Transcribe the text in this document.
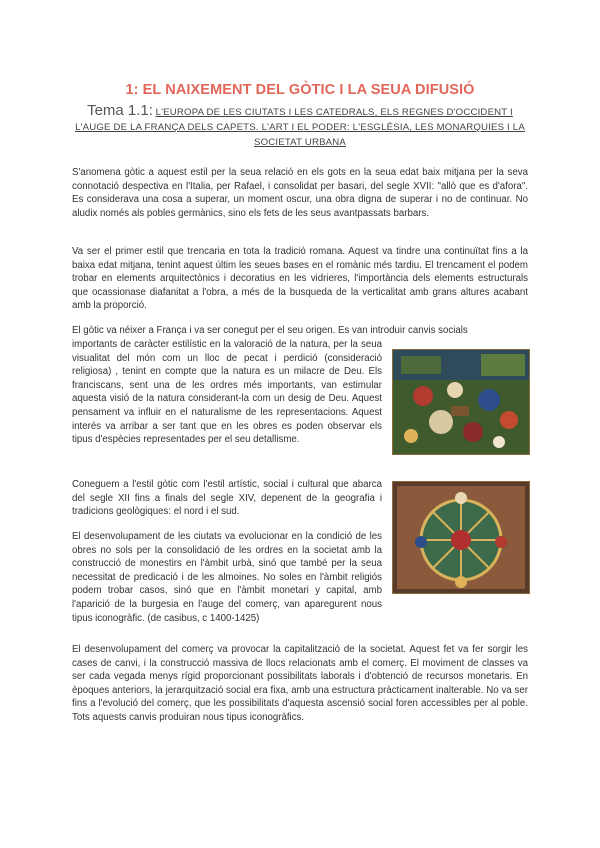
1: EL NAIXEMENT DEL GÒTIC I LA SEUA DIFUSIÓ
Tema 1.1: L'EUROPA DE LES CIUTATS I LES CATEDRALS, ELS REGNES D'OCCIDENT I L'AUGE DE LA FRANÇA DELS CAPETS. L'ART I EL PODER: L'ESGLÉSIA, LES MONARQUIES I LA SOCIETAT URBANA

S'anomena gòtic a aquest estil per la seua relació en els gots en la seua edat baix mitjana per la seva connotació despectiva en l'Italia, per Rafael, i consolidat per basari, del segle XVII: "allò que es d'afora". Es considerava una cosa a superar, un moment oscur, una obra digna de superar i no de continuar. No aludix només als pobles germànics, sino els fets de les seus avantpassats barbars.

Va ser el primer estil que trencaria en tota la tradició romana. Aquest va tindre una continuïtat fins a la baixa edat mitjana, tenint aquest últim les seues bases en el romànic més tardiu. El trencament el podem trobar en elements arquitectònics i decoratius en les vidrieres, l'importància dels elements estructurals que ocassionase diafanitat a l'obra, a més de la busqueda de la verticalitat amb grans altures acabant amb la proporció.

El gòtic va néixer a França i va ser conegut per el seu origen. Es van introduir canvis socials

importants de caràcter estilístic en la valoració de la natura, per la seua visualitat del món com un lloc de pecat i perdició (consideració religiosa) , tenint en compte que la natura es un milacre de Deu. Els franciscans, sent una de les ordres més importants, van estimular aquesta visió de la natura considerant-la com un desig de Deu. Aquest pensament va influir en el naturalisme de les representacions. Aquest interés va arribar a ser tant que en les obres es poden observar els tipus d'espècies representades per el seu detallisme.

Coneguem a l'estil gòtic com l'estil artístic, social i cultural que abarca del segle XII fins a finals del segle XIV, depenent de la geografia i tradicions geològiques: el nord i el sud.

El desenvolupament de les ciutats va evolucionar en la condició de les obres no sols per la consolidació de les ordres en la societat amb la construcció de monestirs en l'àmbit urbà, sinó que també per la seua necessitat de predicació i de les almoines. No soles en l'àmbit religiós podem trobar casos, sinó que en l'àmbit monetari y capital, amb l'aparició de la burgesia en l'auge del comerç, van aparegurent nous tipus iconogràfic. (de casibus, c 1400-1425)

El desenvolupament del comerç va provocar la capitalització de la societat. Aquest fet va fer sorgir les cases de canvi, i la construcció massiva de llocs relacionats amb el comerç. El moviment de classes va ser cada vegada menys rígid proporcionant possibilitats laborals i d'obtenció de recursos monetaris. En èpoques anteriors, la jerarquització social era fixa, amb una estructura pràcticament inalterable. No va ser fins a l'evolució del comerç, que les possibilitats d'aquesta ascensió social foren accessibles per al poble. Tots aquests canvis produiran nous tipus iconogràfics.
